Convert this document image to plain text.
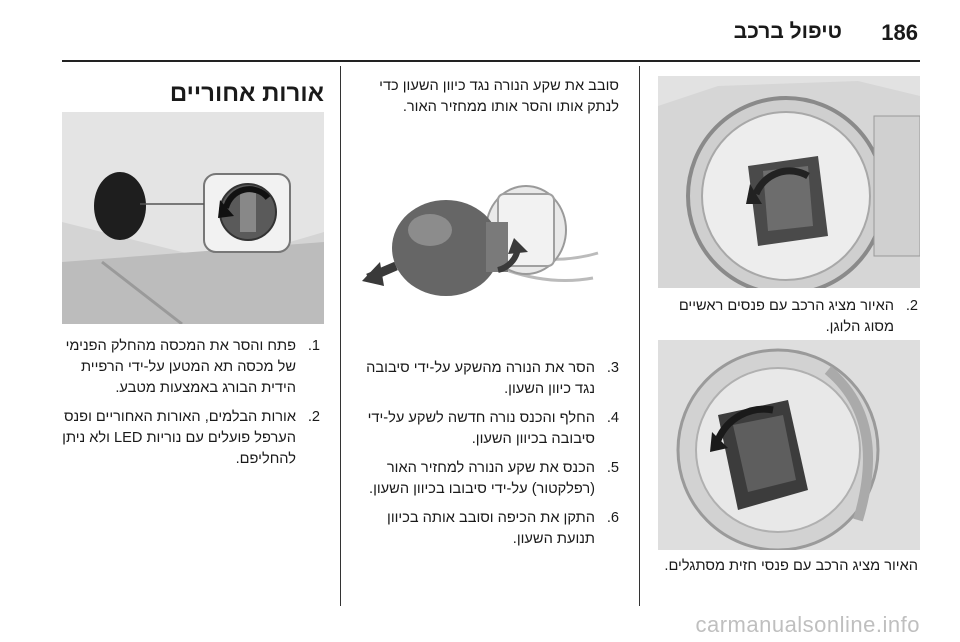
186
טיפול ברכב
2.
האיור מציג הרכב עם פנסים ראשיים מסוג הלוגן.
האיור מציג הרכב עם פנסי חזית מסתגלים.
סובב את שקע הנורה נגד כיוון השעון כדי לנתק אותו והסר אותו ממחזיר האור.
3.
הסר את הנורה מהשקע על-ידי סיבובה נגד כיוון השעון.
4.
החלף והכנס נורה חדשה לשקע על-ידי סיבובה בכיוון השעון.
5.
הכנס את שקע הנורה למחזיר האור (רפלקטור) על-ידי סיבובו בכיוון השעון.
6.
התקן את הכיפה וסובב אותה בכיוון תנועת השעון.
אורות אחוריים
1.
פתח והסר את המכסה מהחלק הפנימי של מכסה תא המטען על-ידי הרפיית הידית הבורג באמצעות מטבע.
2.
אורות הבלמים, האורות האחוריים ופנס הערפל פועלים עם נוריות LED ולא ניתן להחליפם.
carmanualsonline.info
